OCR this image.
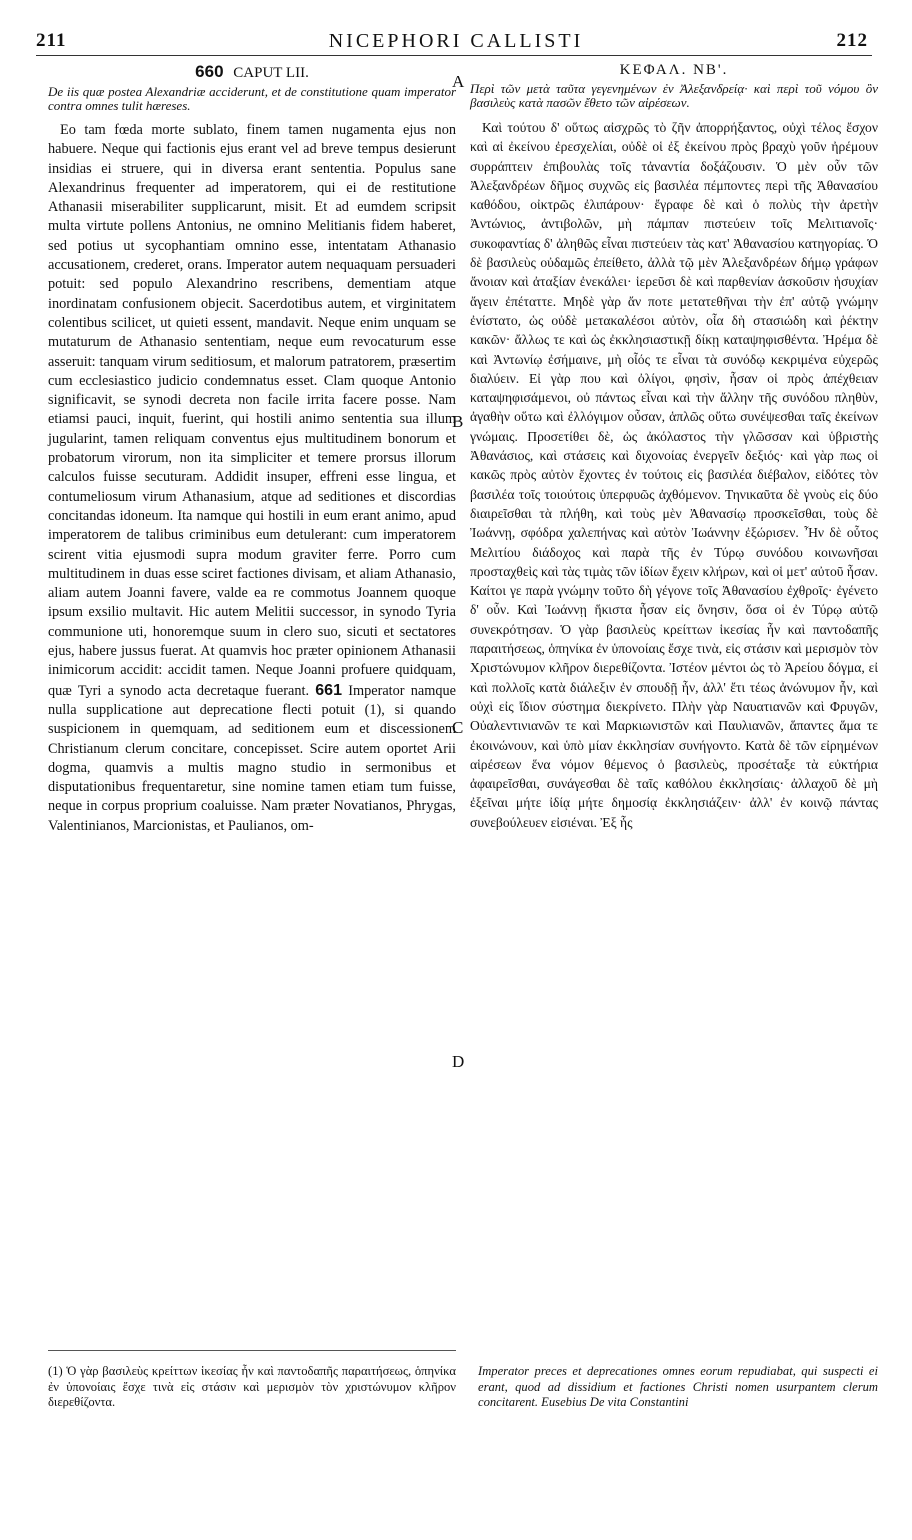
211	NICEPHORI CALLISTI	212
660 CAPUT LII.

De iis quæ postea Alexandriæ acciderunt, et de constitutione quam imperator contra omnes tulit hæreses.

Eo tam fœda morte sublato, finem tamen nugamenta ejus non habuere. Neque qui factionis ejus erant vel ad breve tempus desierunt insidias ei struere, qui in diversa erant sententia. Populus sane Alexandrinus frequenter ad imperatorem, qui ei de restitutione Athanasii miserabiliter supplicarunt, misit. Et ad eumdem scripsit multa virtute pollens Antonius, ne omnino Melitianis fidem haberet, sed potius ut sycophantiam omnino esse, intentatam Athanasio accusationem, crederet, orans. Imperator autem nequaquam persuaderi potuit: sed populo Alexandrino rescribens, dementiam atque inordinatam confusionem objecit. Sacerdotibus autem, et virginitatem colentibus scilicet, ut quieti essent, mandavit. Neque enim unquam se mutaturum de Athanasio sententiam, neque eum revocaturum esse asseruit: tanquam virum seditiosum, et malorum patratorem, præsertim cum ecclesiastico judicio condemnatus esset. Clam quoque Antonio significavit, se synodi decreta non facile irrita facere posse. Nam etiamsi pauci, inquit, fuerint, qui hostili animo sententia sua illum jugularint, tamen reliquam conventus ejus multitudinem bonorum et probatorum virorum, non ita simpliciter et temere prorsus illorum calculos fuisse secuturam. Addidit insuper, effreni esse lingua, et contumeliosum virum Athanasium, atque ad seditiones et discordias concitandas idoneum. Ita namque qui hostili in eum erant animo, apud imperatorem de talibus criminibus eum detulerant: cum imperatorem scirent vitia ejusmodi supra modum graviter ferre. Porro cum multitudinem in duas esse sciret factiones divisam, et aliam Athanasio, aliam autem Joanni favere, valde ea re commotus Joannem quoque ipsum exsilio multavit. Hic autem Melitii successor, in synodo Tyria communione uti, honoremque suum in clero suo, sicuti et sectatores ejus, habere jussus fuerat. At quamvis hoc præter opinionem Athanasii inimicorum accidit: accidit tamen. Neque Joanni profuere quidquam, quæ Tyri a synodo acta decretaque fuerant. 661 Imperator namque nulla supplicatione aut deprecatione flecti potuit (1), si quando suspicionem in quemquam, ad seditionem eum et discessionem Christianum clerum concitare, concepisset. Scire autem oportet Arii dogma, quamvis a multis magno studio in sermonibus et disputationibus frequentaretur, sine nomine tamen etiam tum fuisse, neque in corpus proprium coaluisse. Nam præter Novatianos, Phrygas, Valentinianos, Marcionistas, et Paulianos, om-

ΚΕΦΑΛ. ΝΒ'.

Περὶ τῶν μετὰ ταῦτα γεγενημένων ἐν Ἀλεξανδρείᾳ· καὶ περὶ τοῦ νόμου ὃν βασιλεὺς κατὰ πασῶν ἔθετο τῶν αἱρέσεων.

Καὶ τούτου δ' οὕτως αἰσχρῶς τὸ ζῆν ἀπορρήξαντος, οὐχὶ τέλος ἔσχον καὶ αἱ ἐκείνου ἐρεσχελίαι, οὐδὲ οἱ ἐξ ἐκείνου πρὸς βραχὺ γοῦν ἠρέμουν συρράπτειν ἐπιβουλὰς τοῖς τἀναντία δοξάζουσιν. Ὁ μὲν οὖν τῶν Ἀλεξανδρέων δῆμος συχνῶς εἰς βασιλέα πέμποντες περὶ τῆς Ἀθανασίου καθόδου, οἰκτρῶς ἐλιπάρουν· ἔγραφε δὲ καὶ ὁ πολὺς τὴν ἀρετὴν Ἀντώνιος, ἀντιβολῶν, μὴ πάμπαν πιστεύειν τοῖς Μελιτιανοῖς· συκοφαντίας δ' ἀληθῶς εἶναι πιστεύειν τὰς κατ' Ἀθανασίου κατηγορίας. Ὁ δὲ βασιλεὺς οὐδαμῶς ἐπείθετο, ἀλλὰ τῷ μὲν Ἀλεξανδρέων δήμῳ γράφων ἄνοιαν καὶ ἀταξίαν ἐνεκάλει· ἱερεῦσι δὲ καὶ παρθενίαν ἀσκοῦσιν ἡσυχίαν ἄγειν ἐπέταττε. Μηδὲ γὰρ ἄν ποτε μετατεθῆναι τὴν ἐπ' αὐτῷ γνώμην ἐνίστατο, ὡς οὐδὲ μετακαλέσοι αὐτὸν, οἷα δὴ στασιώδη καὶ ῥέκτην κακῶν· ἄλλως τε καὶ ὡς ἐκκλησιαστικῇ δίκῃ καταψηφισθέντα. Ἠρέμα δὲ καὶ Ἀντωνίῳ ἐσήμαινε, μὴ οἷός τε εἶναι τὰ συνόδῳ κεκριμένα εὐχερῶς διαλύειν. Εἰ γὰρ που καὶ ὀλίγοι, φησὶν, ἦσαν οἱ πρὸς ἀπέχθειαν καταψηφισάμενοι, οὐ πάντως εἶναι καὶ τὴν ἄλλην τῆς συνόδου πληθὺν, ἀγαθὴν οὕτω καὶ ἐλλόγιμον οὖσαν, ἁπλῶς οὕτω συνέψεσθαι ταῖς ἐκείνων γνώμαις. Προσετίθει δὲ, ὡς ἀκόλαστος τὴν γλῶσσαν καὶ ὑβριστὴς Ἀθανάσιος, καὶ στάσεις καὶ διχονοίας ἐνεργεῖν δεξιός· καὶ γὰρ πως οἱ κακῶς πρὸς αὐτὸν ἔχοντες ἐν τούτοις εἰς βασιλέα διέβαλον, εἰδότες τὸν βασιλέα τοῖς τοιούτοις ὑπερφυῶς ἀχθόμενον. Τηνικαῦτα δὲ γνοὺς εἰς δύο διαιρεῖσθαι τὰ πλήθη, καὶ τοὺς μὲν Ἀθανασίῳ προσκεῖσθαι, τοὺς δὲ Ἰωάννῃ, σφόδρα χαλεπήνας καὶ αὐτὸν Ἰωάννην ἐξώρισεν. Ἦν δὲ οὗτος Μελιτίου διάδοχος καὶ παρὰ τῆς ἐν Τύρῳ συνόδου κοινωνῆσαι προσταχθεὶς καὶ τὰς τιμὰς τῶν ἰδίων ἔχειν κλήρων, καὶ οἱ μετ' αὐτοῦ ἦσαν. Καίτοι γε παρὰ γνώμην τοῦτο δὴ γέγονε τοῖς Ἀθανασίου ἐχθροῖς· ἐγένετο δ' οὖν. Καὶ Ἰωάννῃ ἥκιστα ἦσαν εἰς ὄνησιν, ὅσα οἱ ἐν Τύρῳ αὐτῷ συνεκρότησαν. Ὁ γὰρ βασιλεὺς κρείττων ἱκεσίας ἦν καὶ παντοδαπῆς παραιτήσεως, ὁπηνίκα ἐν ὑπονοίαις ἔσχε τινὰ, εἰς στάσιν καὶ μερισμὸν τὸν Χριστώνυμον κλῆρον διερεθίζοντα. Ἰστέον μέντοι ὡς τὸ Ἀρείου δόγμα, εἰ καὶ πολλοῖς κατὰ διάλεξιν ἐν σπουδῇ ἦν, ἀλλ' ἔτι τέως ἀνώνυμον ἦν, καὶ οὐχὶ εἰς ἴδιον σύστημα διεκρίνετο. Πλὴν γὰρ Ναυατιανῶν καὶ Φρυγῶν, Οὐαλεντινιανῶν τε καὶ Μαρκιωνιστῶν καὶ Παυλιανῶν, ἅπαντες ἅμα τε ἐκοινώνουν, καὶ ὑπὸ μίαν ἐκκλησίαν συνήγοντο. Κατὰ δὲ τῶν εἰρημένων αἱρέσεων ἕνα νόμον θέμενος ὁ βασιλεὺς, προσέταξε τὰ εὐκτήρια ἀφαιρεῖσθαι, συνάγεσθαι δὲ ταῖς καθόλου ἐκκλησίαις· ἀλλαχοῦ δὲ μὴ ἐξεῖναι μήτε ἰδίᾳ μήτε δημοσίᾳ ἐκκλησιάζειν· ἀλλ' ἐν κοινῷ πάντας συνεβούλευεν εἰσιέναι. Ἐξ ἧς

A
B
C
D

(1) Ὁ γὰρ βασιλεὺς κρείττων ἱκεσίας ἦν καὶ παντοδαπῆς παραιτήσεως, ὁπηνίκα ἐν ὑπονοίαις ἔσχε τινὰ εἰς στάσιν καὶ μερισμὸν τὸν χριστώνυμον κλῆρον διερεθίζοντα.

Imperator preces et deprecationes omnes eorum repudiabat, qui suspecti ei erant, quod ad dissidium et factiones Christi nomen usurpantem clerum concitarent. Eusebius De vita Constantini
